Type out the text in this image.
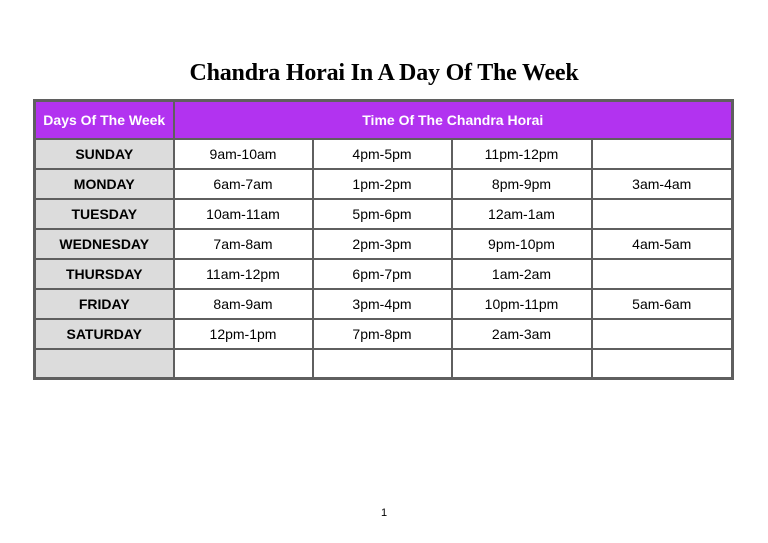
Chandra Horai In A Day Of The Week
Days Of The Week	Time Of The Chandra Horai			
SUNDAY	9am-10am	4pm-5pm	11pm-12pm	
MONDAY	6am-7am	1pm-2pm	8pm-9pm	3am-4am
TUESDAY	10am-11am	5pm-6pm	12am-1am	
WEDNESDAY	7am-8am	2pm-3pm	9pm-10pm	4am-5am
THURSDAY	11am-12pm	6pm-7pm	1am-2am	
FRIDAY	8am-9am	3pm-4pm	10pm-11pm	5am-6am
SATURDAY	12pm-1pm	7pm-8pm	2am-3am	

1
